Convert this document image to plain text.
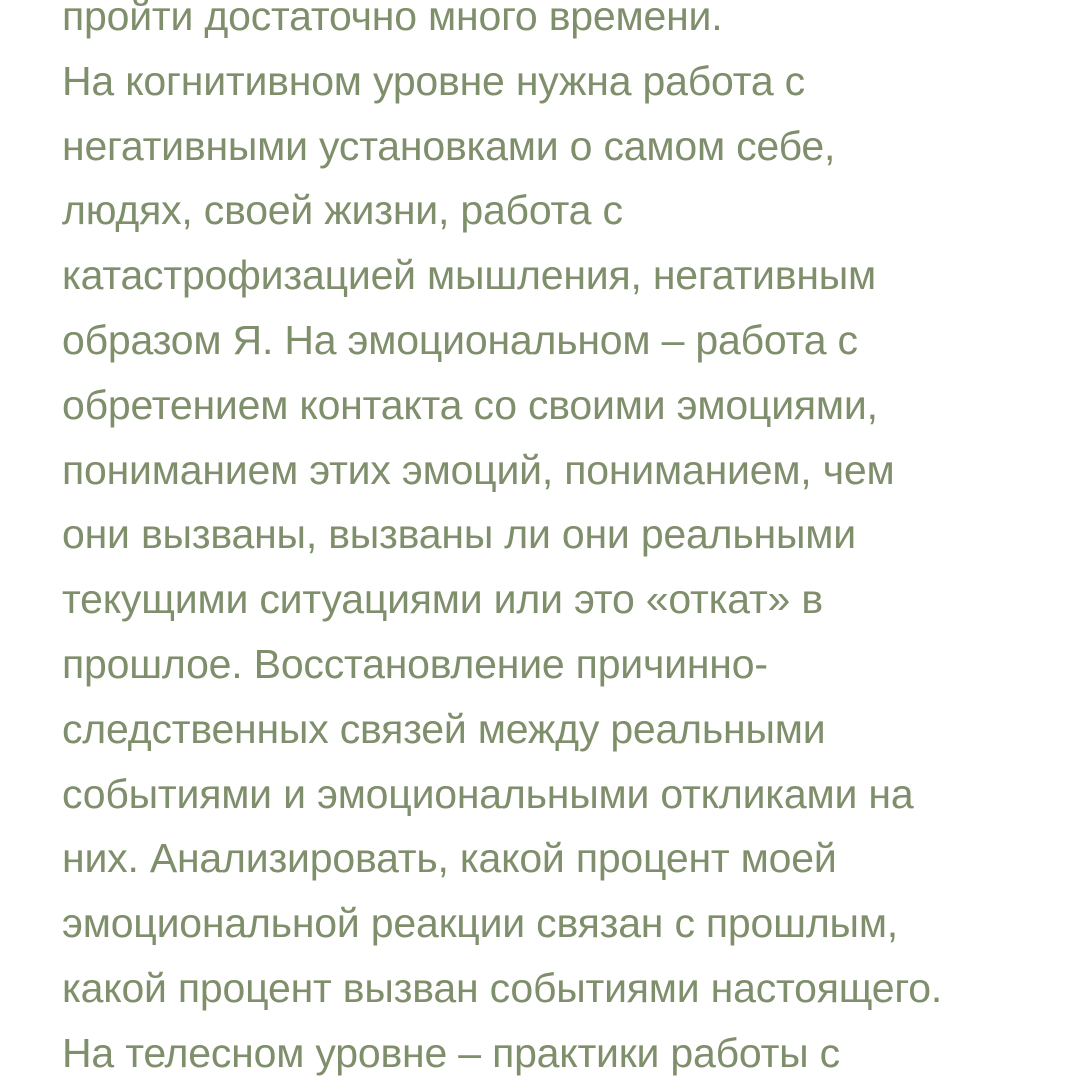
пройти достаточно много времени.
На когнитивном уровне нужна работа с
негативными установками о самом себе,
людях, своей жизни, работа с
катастрофизацией мышления, негативным
образом Я. На эмоциональном – работа с
обретением контакта со своими эмоциями,
пониманием этих эмоций, пониманием, чем
они вызваны, вызваны ли они реальными
текущими ситуациями или это «откат» в
прошлое. Восстановление причинно-
следственных связей между реальными
событиями и эмоциональными откликами на
них. Анализировать, какой процент моей
эмоциональной реакции связан с прошлым,
какой процент вызван событиями настоящего.
На телесном уровне – практики работы с
